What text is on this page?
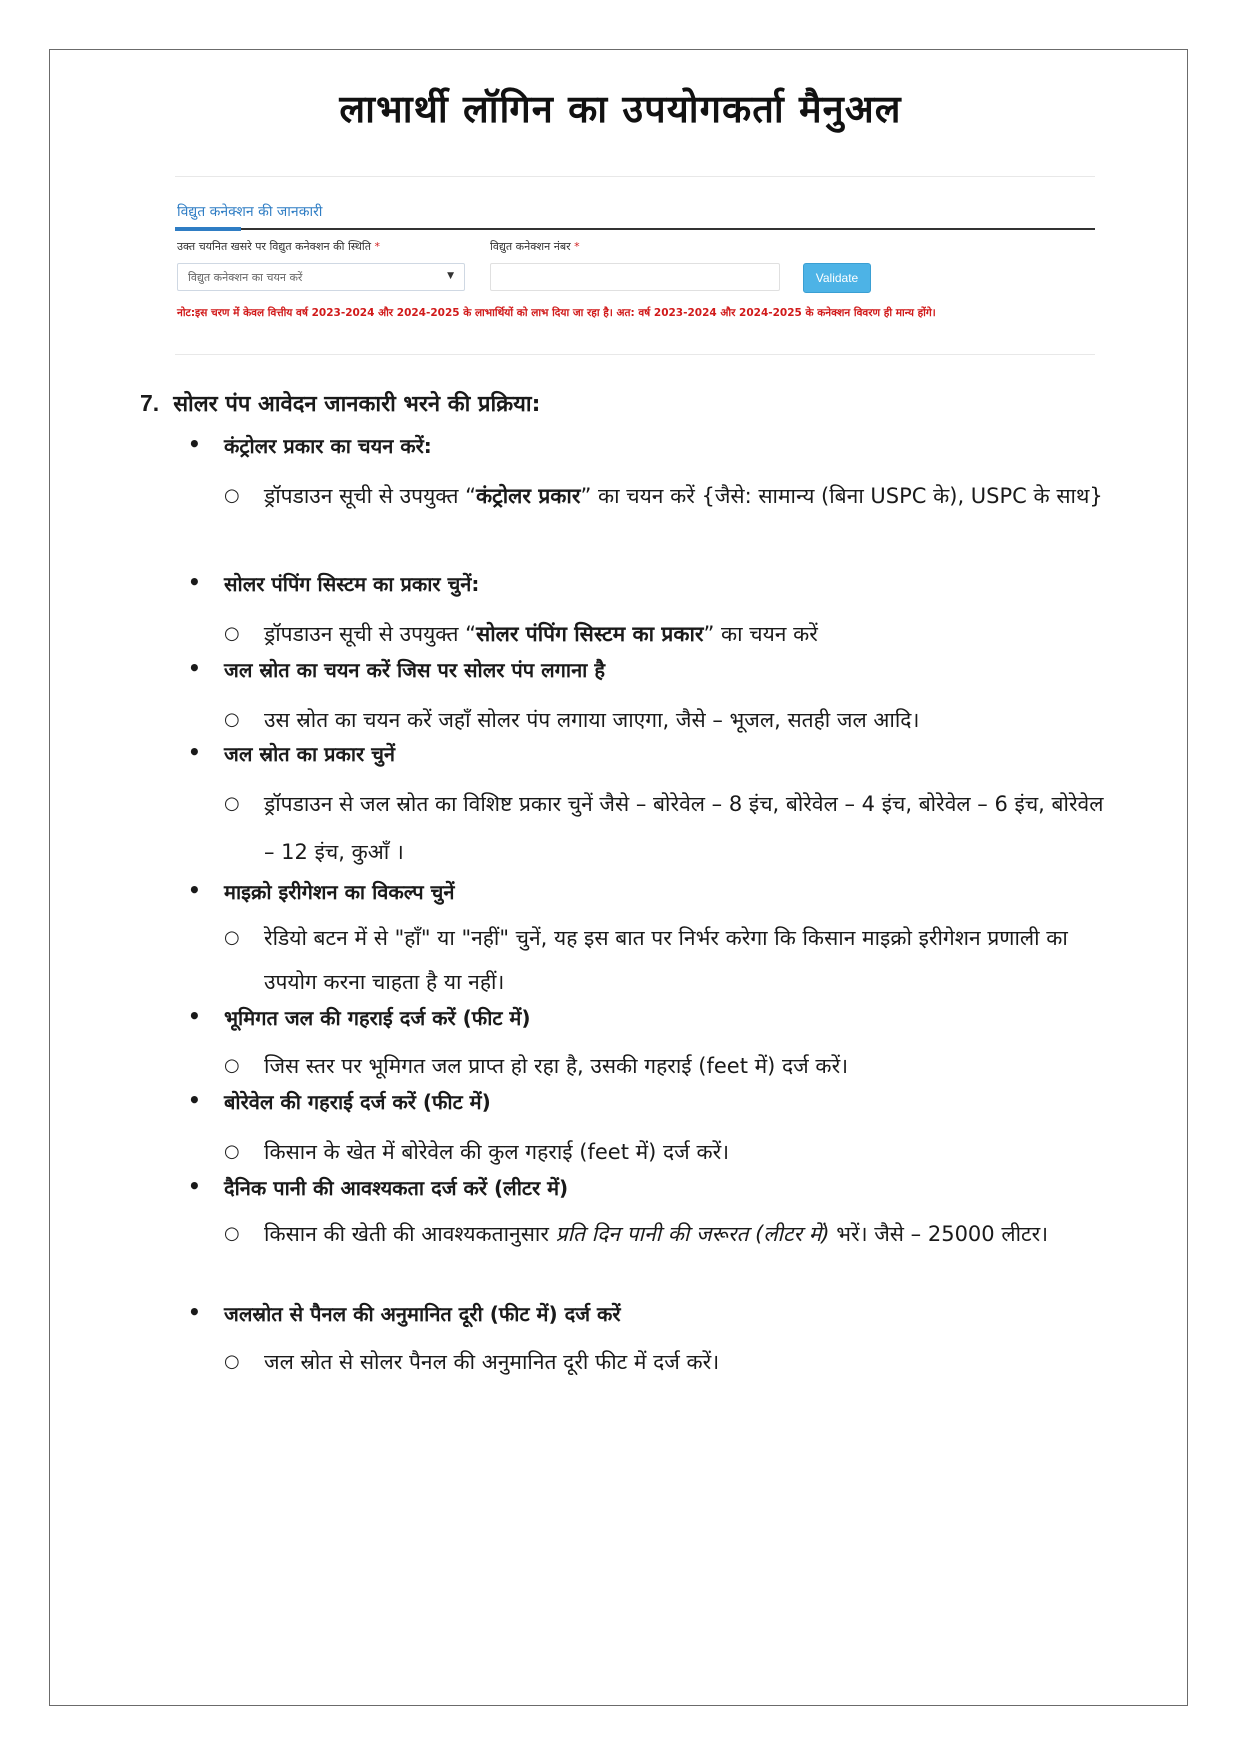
लाभार्थी लॉगिन का उपयोगकर्ता मैनुअल
विद्युत कनेक्शन की जानकारी
उक्त चयनित खसरे पर विद्युत कनेक्शन की स्थिति *	विद्युत कनेक्शन नंबर *
विद्युत कनेक्शन का चयन करें	▼	Validate
नोट:इस चरण में केवल वित्तीय वर्ष 2023-2024 और 2024-2025 के लाभार्थियों को लाभ दिया जा रहा है। अत: वर्ष 2023-2024 और 2024-2025 के कनेक्शन विवरण ही मान्य होंगे।
7. सोलर पंप आवेदन जानकारी भरने की प्रक्रिया:
• कंट्रोलर प्रकार का चयन करें:
○ ड्रॉपडाउन सूची से उपयुक्त “कंट्रोलर प्रकार” का चयन करें {जैसे: सामान्य (बिना USPC के), USPC के साथ}
• सोलर पंपिंग सिस्टम का प्रकार चुनें:
○ ड्रॉपडाउन सूची से उपयुक्त “सोलर पंपिंग सिस्टम का प्रकार” का चयन करें
• जल स्रोत का चयन करें जिस पर सोलर पंप लगाना है
○ उस स्रोत का चयन करें जहाँ सोलर पंप लगाया जाएगा, जैसे – भूजल, सतही जल आदि।
• जल स्रोत का प्रकार चुनें
○ ड्रॉपडाउन से जल स्रोत का विशिष्ट प्रकार चुनें जैसे – बोरेवेल – 8 इंच, बोरेवेल – 4 इंच, बोरेवेल – 6 इंच, बोरेवेल – 12 इंच, कुआँ ।
• माइक्रो इरीगेशन का विकल्प चुनें
○ रेडियो बटन में से "हाँ" या "नहीं" चुनें, यह इस बात पर निर्भर करेगा कि किसान माइक्रो इरीगेशन प्रणाली का उपयोग करना चाहता है या नहीं।
• भूमिगत जल की गहराई दर्ज करें (फीट में)
○ जिस स्तर पर भूमिगत जल प्राप्त हो रहा है, उसकी गहराई (feet में) दर्ज करें।
• बोरेवेल की गहराई दर्ज करें (फीट में)
○ किसान के खेत में बोरेवेल की कुल गहराई (feet में) दर्ज करें।
• दैनिक पानी की आवश्यकता दर्ज करें (लीटर में)
○ किसान की खेती की आवश्यकतानुसार प्रति दिन पानी की जरूरत (लीटर में) भरें। जैसे – 25000 लीटर।
• जलस्रोत से पैनल की अनुमानित दूरी (फीट में) दर्ज करें
○ जल स्रोत से सोलर पैनल की अनुमानित दूरी फीट में दर्ज करें।
